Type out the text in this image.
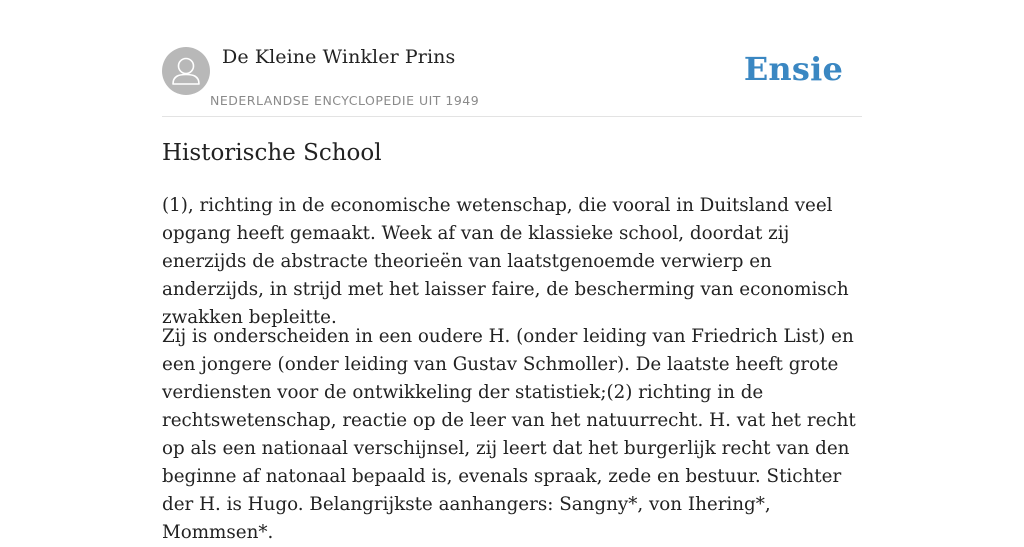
De Kleine Winkler Prins
NEDERLANDSE ENCYCLOPEDIE UIT 1949
Ensie
Historische School

(1), richting in de economische wetenschap, die vooral in Duitsland veel opgang heeft gemaakt. Week af van de klassieke school, doordat zij enerzijds de abstracte theorieën van laatstgenoemde verwierp en anderzijds, in strijd met het laisser faire, de bescherming van economisch zwakken bepleitte.

Zij is onderscheiden in een oudere H. (onder leiding van Friedrich List) en een jongere (onder leiding van Gustav Schmoller). De laatste heeft grote verdiensten voor de ontwikkeling der statistiek;(2) richting in de rechtswetenschap, reactie op de leer van het natuurrecht. H. vat het recht op als een nationaal verschijnsel, zij leert dat het burgerlijk recht van den beginne af natonaal bepaald is, evenals spraak, zede en bestuur. Stichter der H. is Hugo. Belangrijkste aanhangers: Sangny*, von Ihering*, Mommsen*.
